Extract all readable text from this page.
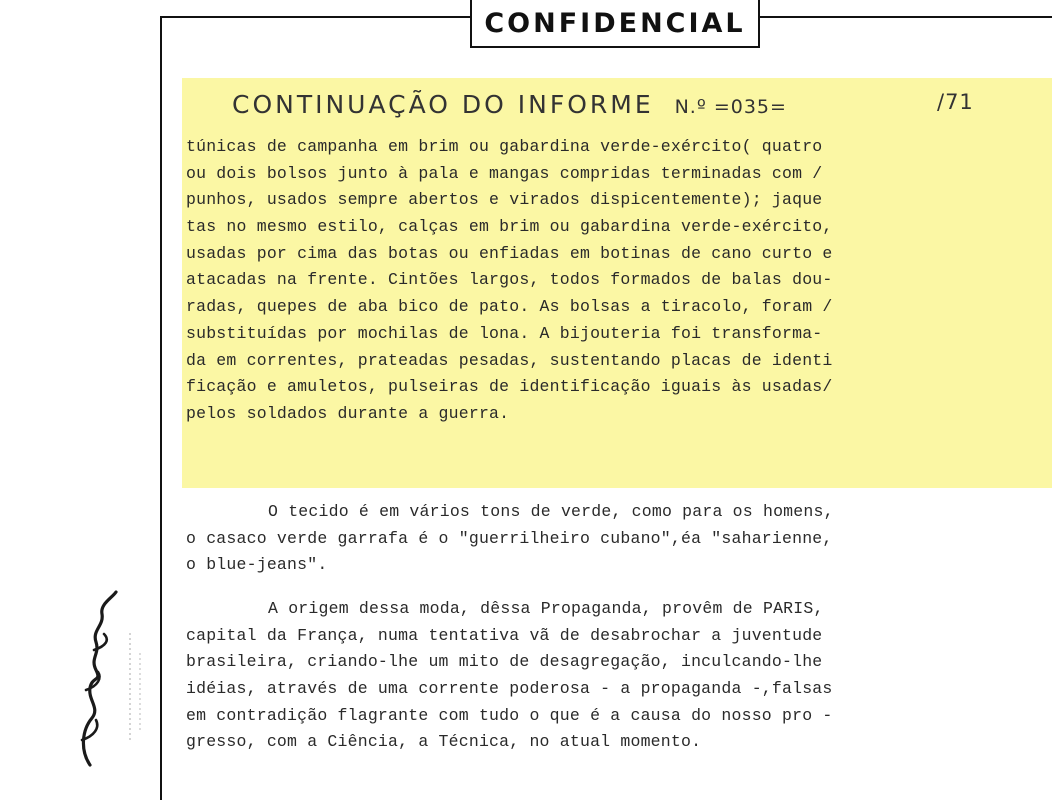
CONFIDENCIAL
CONTINUAÇÃO DO INFORME N.º =035=	/71
túnicas de campanha em brim ou gabardina verde-exército( quatro
ou dois bolsos junto à pala e mangas compridas terminadas com /
punhos, usados sempre abertos e virados dispicentemente); jaque
tas no mesmo estilo, calças em brim ou gabardina verde-exército,
usadas por cima das botas ou enfiadas em botinas de cano curto e
atacadas na frente. Cintões largos, todos formados de balas dou-
radas, quepes de aba bico de pato. As bolsas a tiracolo, foram /
substituídas por mochilas de lona. A bijouteria foi transforma-
da em correntes, prateadas pesadas, sustentando placas de identi
ficação e amuletos, pulseiras de identificação iguais às usadas/
pelos soldados durante a guerra.
O tecido é em vários tons de verde, como para os homens,
o casaco verde garrafa é o "guerrilheiro cubano",éa "saharienne,
o blue-jeans".
A origem dessa moda, dêssa Propaganda, provêm de PARIS,
capital da França, numa tentativa vã de desabrochar a juventude
brasileira, criando-lhe um mito de desagregação, inculcando-lhe
idéias, através de uma corrente poderosa - a propaganda -,falsas
em contradição flagrante com tudo o que é a causa do nosso pro -
gresso, com a Ciência, a Técnica, no atual momento.
